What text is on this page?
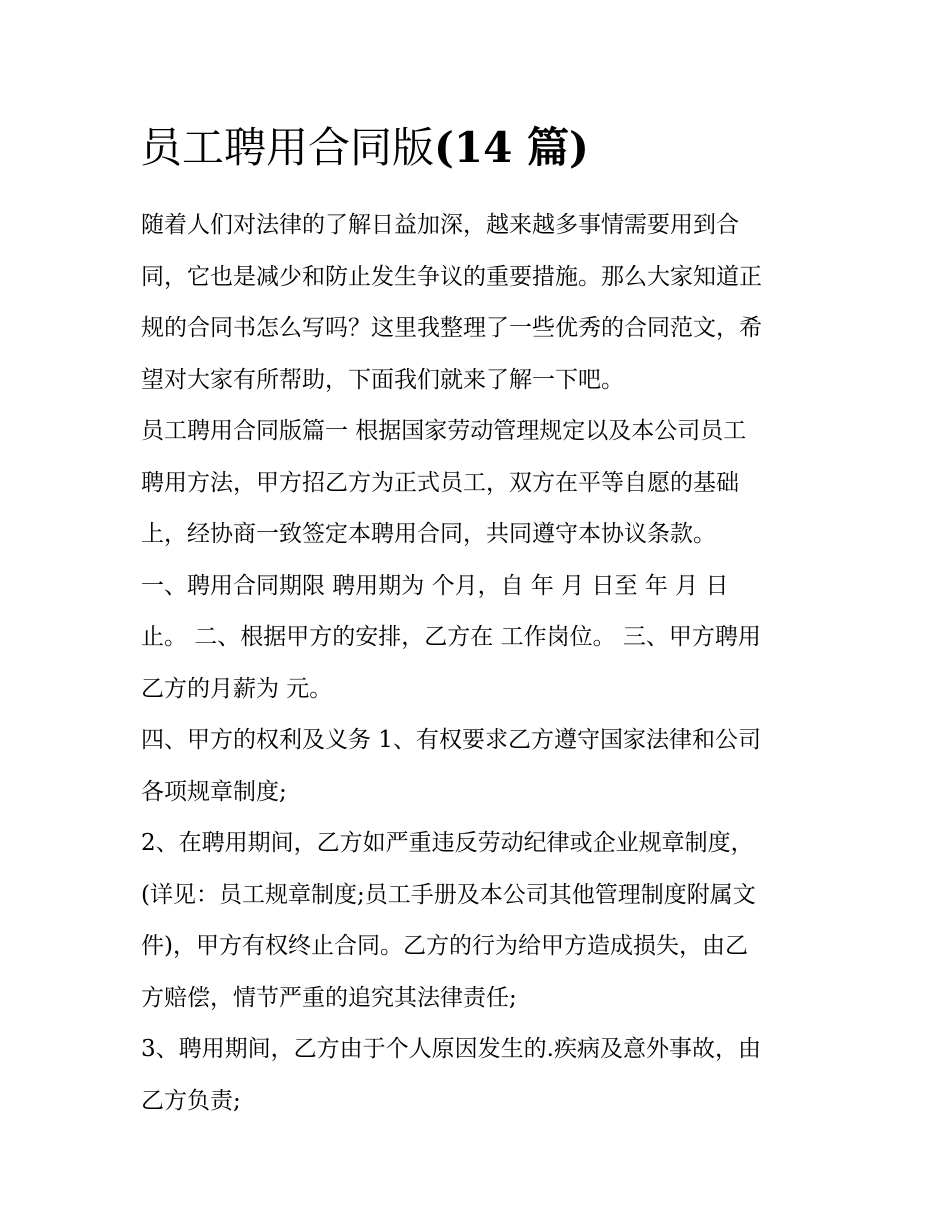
员工聘用合同版(14 篇)
随着人们对法律的了解日益加深，越来越多事情需要用到合
同，它也是减少和防止发生争议的重要措施。那么大家知道正
规的合同书怎么写吗？这里我整理了一些优秀的合同范文，希
望对大家有所帮助，下面我们就来了解一下吧。
员工聘用合同版篇一 根据国家劳动管理规定以及本公司员工
聘用方法，甲方招乙方为正式员工，双方在平等自愿的基础
上，经协商一致签定本聘用合同，共同遵守本协议条款。
一、聘用合同期限 聘用期为 个月，自 年 月 日至 年 月 日
止。 二、根据甲方的安排，乙方在 工作岗位。 三、甲方聘用
乙方的月薪为 元。
四、甲方的权利及义务 1、有权要求乙方遵守国家法律和公司
各项规章制度;
2、在聘用期间，乙方如严重违反劳动纪律或企业规章制度，
(详见：员工规章制度;员工手册及本公司其他管理制度附属文
件)，甲方有权终止合同。乙方的行为给甲方造成损失，由乙
方赔偿，情节严重的追究其法律责任;
3、聘用期间，乙方由于个人原因发生的.疾病及意外事故，由
乙方负责;
